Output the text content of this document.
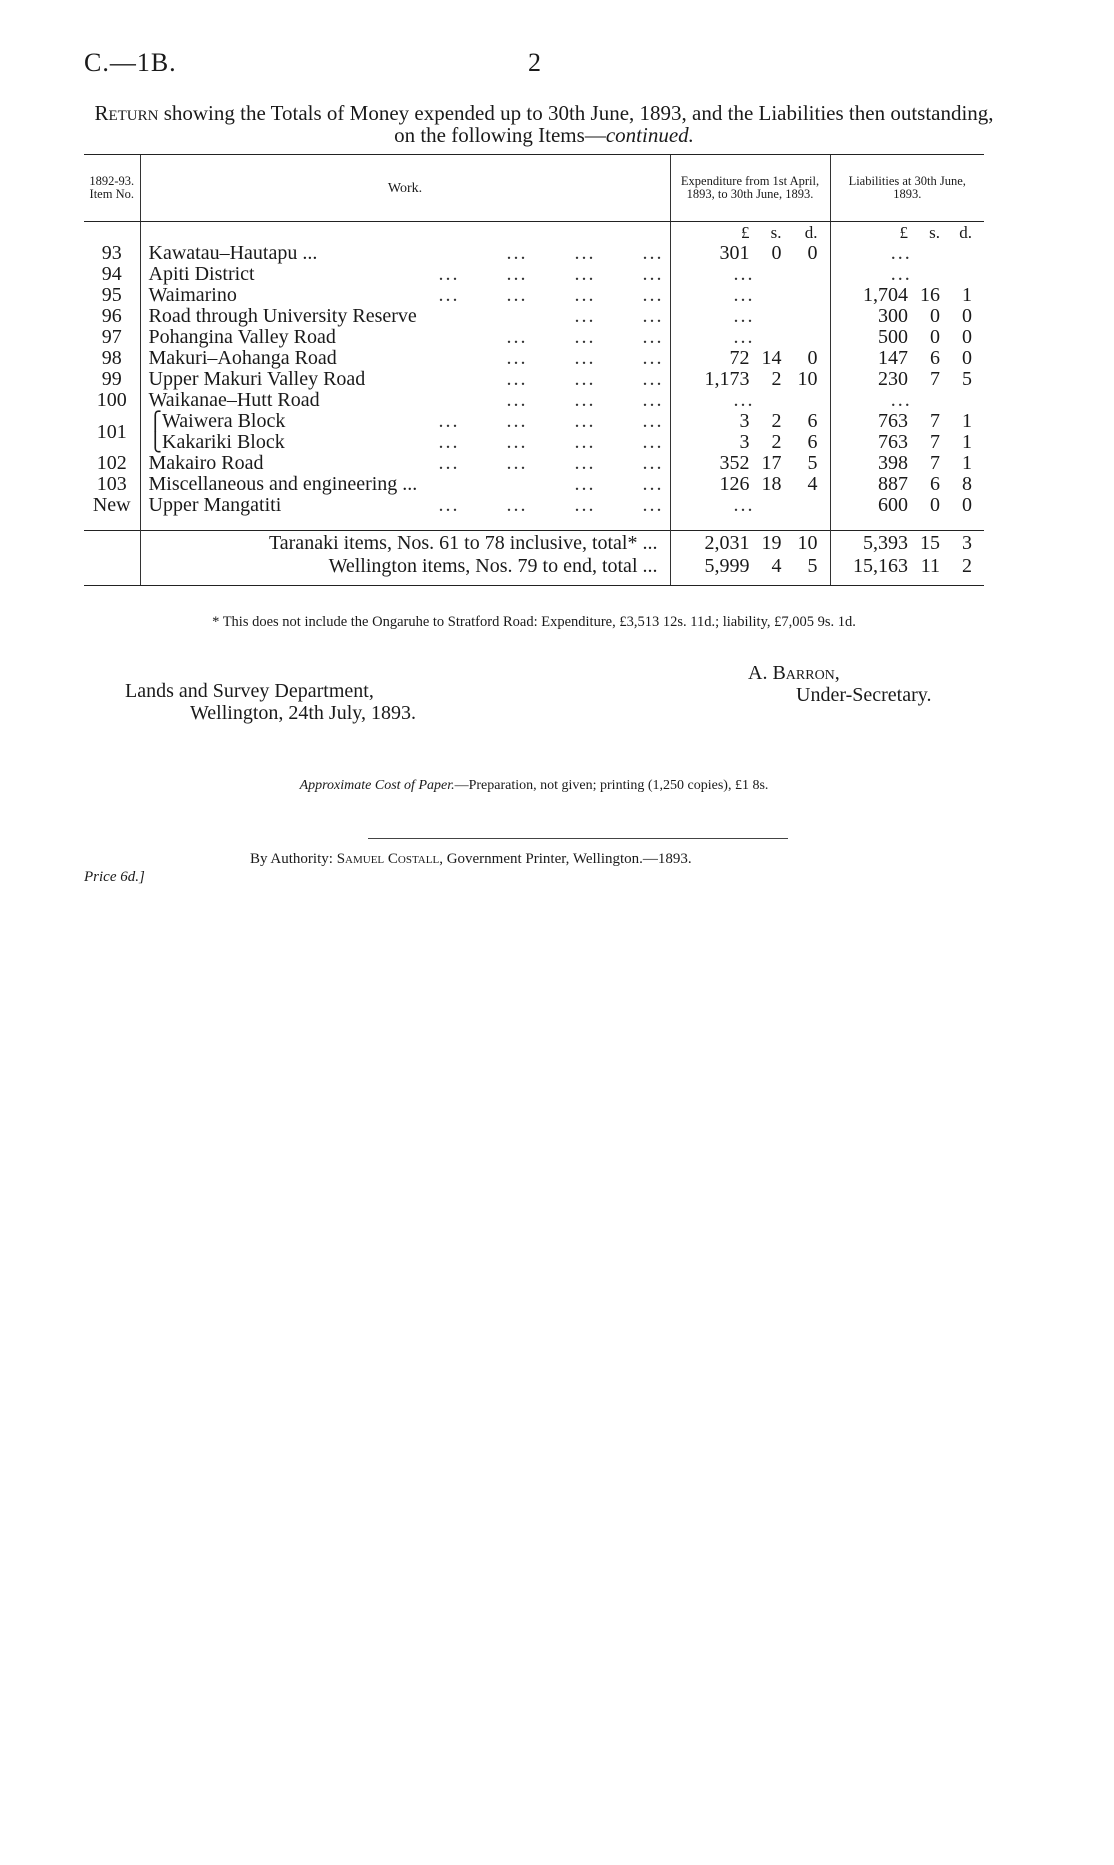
C.—1B.	2
Return showing the Totals of Money expended up to 30th June, 1893, and the Liabilities then outstanding, on the following Items—continued.
1892-93. Item No.	Work.	Expenditure from 1st April, 1893, to 30th June, 1893.	Liabilities at 30th June, 1893.

		£ s. d.	£ s. d.

93	Kawatau–Hautapu ... ... ... ...	301 0 0	...
94	Apiti District ... ... ... ...	...	...
95	Waimarino ... ... ... ...	...	1,704 16 1

96	Road through University Reserve ... ...	...	300 0 0

97	Pohangina Valley Road ... ... ...	...	500 0 0

98	Makuri–Aohanga Road ... ... ...	72 14 0	147 6 0

99	Upper Makuri Valley Road ... ... ...	1,173 2 10	230 7 5

100	Waikanae–Hutt Road ... ... ...	...	...
101	⎧Waiwera Block ... ... ... ...	3 2 6	763 7 1

	⎩Kakariki Block ... ... ... ...	3 2 6	763 7 1

102	Makairo Road ... ... ... ...	352 17 5	398 7 1

103	Miscellaneous and engineering ... ... ...	126 18 4	887 6 8

New	Upper Mangatiti ... ... ... ...	...	600 0 0

	Taranaki items, Nos. 61 to 78 inclusive, total* ...	2,031 19 10	5,393 15 3

	Wellington items, Nos. 79 to end, total ...	5,999 4 5	15,163 11 2
* This does not include the Ongaruhe to Stratford Road: Expenditure, £3,513 12s. 11d.; liability, £7,005 9s. 1d.
Lands and Survey Department,
Wellington, 24th July, 1893.
A. Barron,
Under-Secretary.
Approximate Cost of Paper.—Preparation, not given; printing (1,250 copies), £1 8s.
By Authority: Samuel Costall, Government Printer, Wellington.—1893.
Price 6d.]
